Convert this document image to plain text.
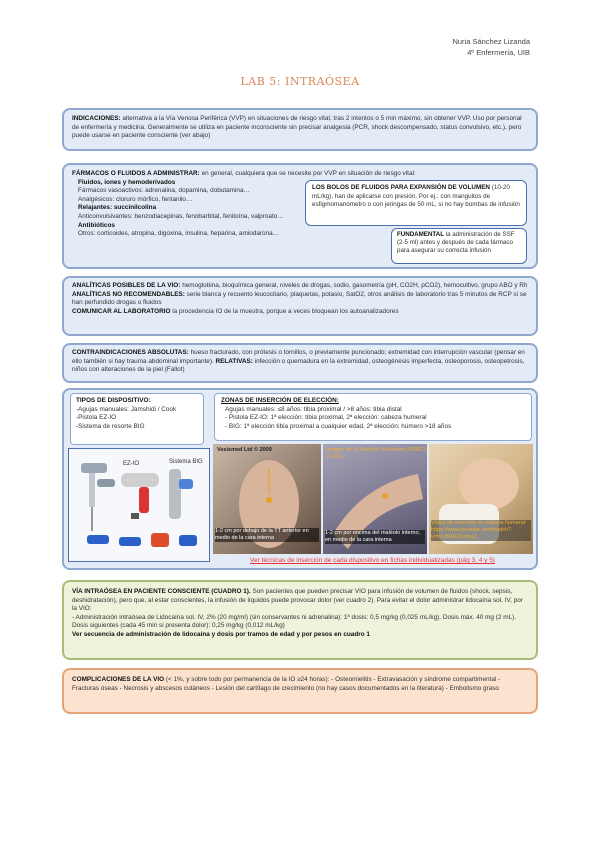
Nuria Sánchez Lizanda
4º Enfermería, UIB
LAB 5: INTRAÓSEA

INDICACIONES: alternativa a la Vía Venosa Periférica (VVP) en situaciones de riesgo vital, tras 2 intentos o 5 min máximo, sin obtener VVP. Uso por personal de enfermería y medicina. Generalmente se utiliza en paciente inconsciente sin precisar analgesia (PCR, shock descompensado, status convulsivo, etc.), pero puede usarse en paciente consciente (ver abajo)

FÁRMACOS O FLUIDOS A ADMINISTRAR: en general, cualquiera que se necesite por VVP en situación de riesgo vital:

Fluidos, iones y hemoderivados

Fármacos vasoactivos: adrenalina, dopamina, dobutamina…

Analgésicos: cloruro mórfico, fentanilo…

Relajantes: succinilcolina

Anticonvulsivantes: benzodiacepinas, fenobarbital, fenitoína, valproato…

Antibióticos

Otros: corticoides, atropina, digoxina, insulina, heparina, amiodarona…

LOS BOLOS DE FLUIDOS PARA EXPANSIÓN DE VOLUMEN (10-20 mL/kg), han de aplicarse con presión. Por ej.: con manguitos de esfigmomanómetro o con jeringas de 50 mL, si no hay bombas de infusión

FUNDAMENTAL la administración de SSF (2-5 ml) antes y después de cada fármaco para asegurar su correcta infusión

ANALÍTICAS POSIBLES DE LA VIO: hemoglobina, bioquímica general, niveles de drogas, sodio, gasometría (pH, CO2H, pCO2), hemocultivo, grupo ABO y Rh

ANALÍTICAS NO RECOMENDABLES: serie blanca y recuento leucocitario, plaquetas, potasio, SatO2, otros análisis de laboratorio tras 5 minutos de RCP si se han perfundido drogas o fluidos

COMUNICAR AL LABORATORIO la procedencia IO de la muestra, porque a veces bloquean los autoanalizadores

CONTRAINDICACIONES ABSOLUTAS: hueso fracturado, con prótesis o tornillos, o previamente puncionado; extremidad con interrupción vascular (pensar en ello también si hay trauma abdominal importante). RELATIVAS: infección o quemadura en la extremidad, osteogénesis imperfecta, osteoporosis, osteopetrosis, niños con alteraciones de la piel (Fallot)

TIPOS DE DISPOSITIVO:

-Agujas manuales: Jamshidi / Cook

-Pistola EZ-IO

-Sistema de resorte BIG

EZ-IO	Sistema BIG

ZONAS DE INSERCIÓN DE ELECCIÓN:

Agujas manuales: ≤8 años: tibia proximal / >8 años: tibia distal

- Pistola EZ-IO: 1ª elección: tibia proximal, 2ª elección: cabeza humeral

- BIG: 1ª elección tibia proximal a cualquier edad, 2ª elección: húmero >18 años

Vesismed Ltd © 2009
1-2 cm por debajo de la TT anterior en medio de la cara interna
Imagen de la Sección Vía Aérea (SPIRO) © 2011
1-2 cm por encima del maléolo interno, en medio de la cara interna
Vídeo de inserción en cabeza humeral: https://www.youtube.com/watch?v=bXdVHC6LmuQ
Ver técnicas de inserción de cada dispositivo en fichas individualizadas (pág 3, 4 y 5)

VÍA INTRAÓSEA EN PACIENTE CONSCIENTE (CUADRO 1). Son pacientes que pueden precisar VIO para infusión de volumen de fluidos (shock, sepsis, deshidratación), pero que, al estar conscientes, la infusión de líquidos puede provocar dolor (ver cuadro 2). Para evitar el dolor administrar lidocaína sol. IV, por la VIO:

- Administración intraósea de Lidocaína sol. IV, 2% (20 mg/ml) (sin conservantes ni adrenalina): 1ª dosis: 0,5 mg/kg (0,025 mL/kg). Dosis máx. 40 mg (2 mL). Dosis siguientes (cada 45 min si presenta dolor): 0,25 mg/kg (0,012 mL/kg)

Ver secuencia de administración de lidocaína y dosis por tramos de edad y por pesos en cuadro 1

COMPLICACIONES DE LA VIO (< 1%, y sobre todo por permanencia de la IO ≥24 horas): - Osteomielitis - Extravasación y síndrome compartimental - Fracturas óseas - Necrosis y abscesos cutáneos - Lesión del cartílago de crecimiento (no hay casos documentados en la literatura) - Embolismo graso
